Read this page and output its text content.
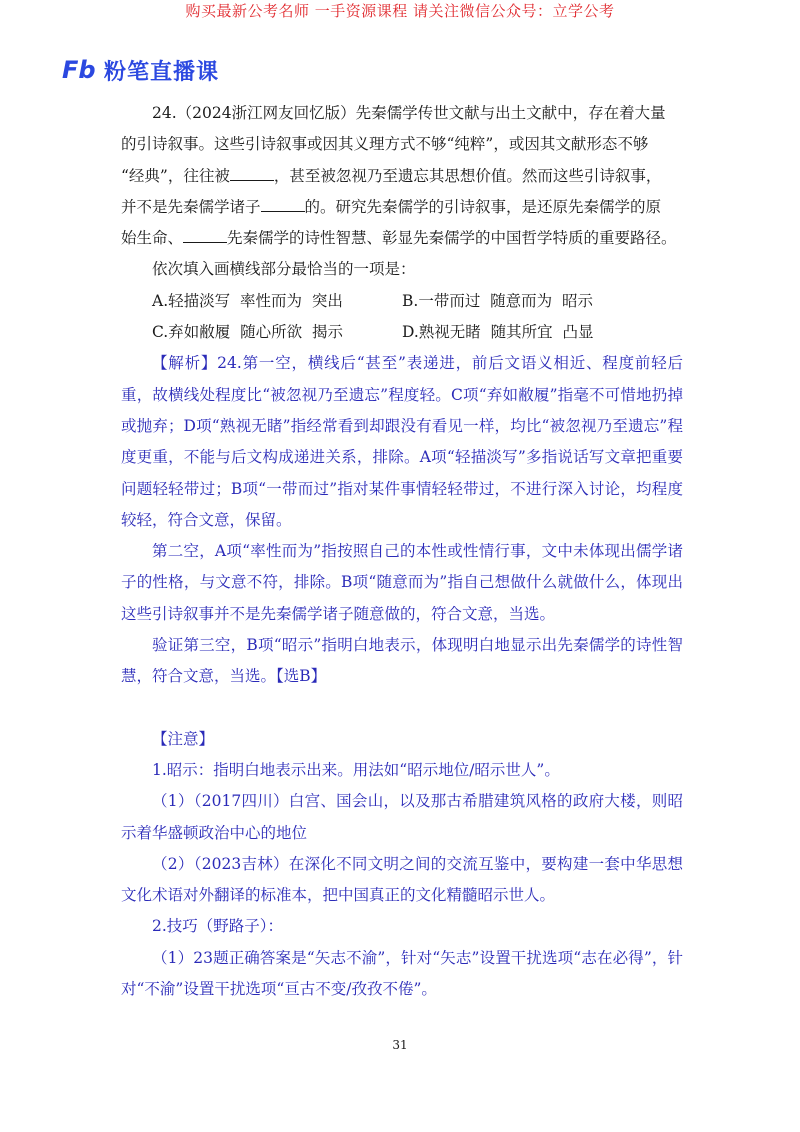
购买最新公考名师 一手资源课程 请关注微信公众号：立学公考
Fb 粉笔直播课

24.（2024浙江网友回忆版）先秦儒学传世文献与出土文献中，存在着大量

的引诗叙事。这些引诗叙事或因其义理方式不够“纯粹”，或因其文献形态不够

“经典”，往往被	，甚至被忽视乃至遗忘其思想价值。然而这些引诗叙事，

并不是先秦儒学诸子	的。研究先秦儒学的引诗叙事，是还原先秦儒学的原

始生命、	先秦儒学的诗性智慧、彰显先秦儒学的中国哲学特质的重要路径。

依次填入画横线部分最恰当的一项是：

A.轻描淡写  率性而为  突出	B.一带而过  随意而为  昭示
C.弃如敝履  随心所欲  揭示	D.熟视无睹  随其所宜  凸显

【解析】24.第一空，横线后“甚至”表递进，前后文语义相近、程度前轻后重，故横线处程度比“被忽视乃至遗忘”程度轻。C项“弃如敝履”指毫不可惜地扔掉或抛弃；D项“熟视无睹”指经常看到却跟没有看见一样，均比“被忽视乃至遗忘”程度更重，不能与后文构成递进关系，排除。A项“轻描淡写”多指说话写文章把重要问题轻轻带过；B项“一带而过”指对某件事情轻轻带过，不进行深入讨论，均程度较轻，符合文意，保留。

第二空，A项“率性而为”指按照自己的本性或性情行事，文中未体现出儒学诸子的性格，与文意不符，排除。B项“随意而为”指自己想做什么就做什么，体现出这些引诗叙事并不是先秦儒学诸子随意做的，符合文意，当选。

验证第三空，B项“昭示”指明白地表示，体现明白地显示出先秦儒学的诗性智慧，符合文意，当选。【选B】

【注意】

1.昭示：指明白地表示出来。用法如“昭示地位/昭示世人”。

（1）（2017四川）白宫、国会山，以及那古希腊建筑风格的政府大楼，则昭示着华盛顿政治中心的地位

（2）（2023吉林）在深化不同文明之间的交流互鉴中，要构建一套中华思想文化术语对外翻译的标准本，把中国真正的文化精髓昭示世人。

2.技巧（野路子）：

（1）23题正确答案是“矢志不渝”，针对“矢志”设置干扰选项“志在必得”，针对“不渝”设置干扰选项“亘古不变/孜孜不倦”。

31
